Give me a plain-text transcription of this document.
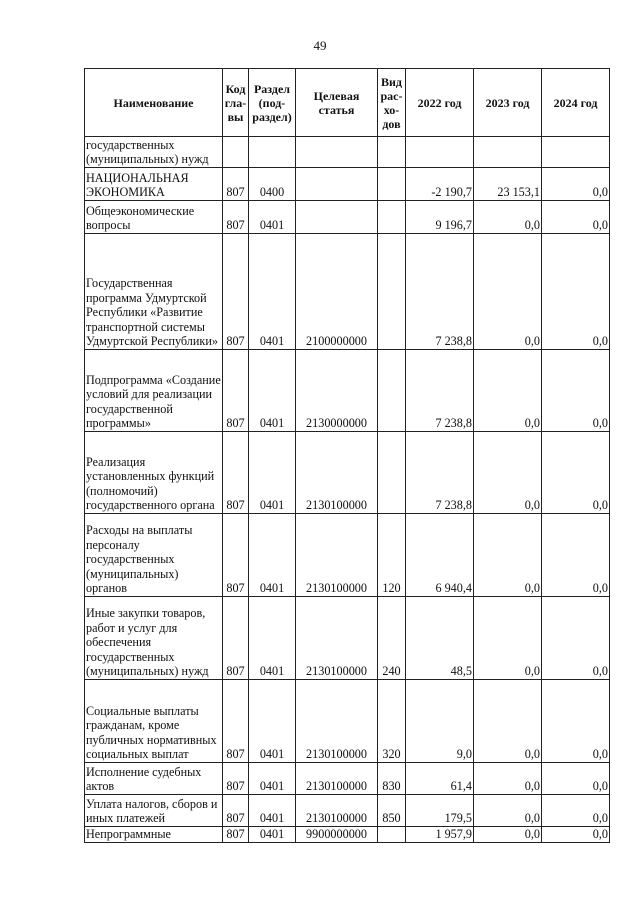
49
Наименование	Код гла-вы	Раздел (под-раздел)	Целевая статья	Вид рас-хо-дов	2022 год	2023 год	2024 год
государственных (муниципальных) нужд							
НАЦИОНАЛЬНАЯ ЭКОНОМИКА	807	0400			-2 190,7	23 153,1	0,0
Общеэкономические вопросы	807	0401			9 196,7	0,0	0,0
Государственная программа Удмуртской Республики «Развитие транспортной системы Удмуртской Республики»	807	0401	2100000000		7 238,8	0,0	0,0
Подпрограмма «Создание условий для реализации государственной программы»	807	0401	2130000000		7 238,8	0,0	0,0
Реализация установленных функций (полномочий) государственного органа	807	0401	2130100000		7 238,8	0,0	0,0
Расходы на выплаты персоналу государственных (муниципальных) органов	807	0401	2130100000	120	6 940,4	0,0	0,0
Иные закупки товаров, работ и услуг для обеспечения государственных (муниципальных) нужд	807	0401	2130100000	240	48,5	0,0	0,0
Социальные выплаты гражданам, кроме публичных нормативных социальных выплат	807	0401	2130100000	320	9,0	0,0	0,0
Исполнение судебных актов	807	0401	2130100000	830	61,4	0,0	0,0
Уплата налогов, сборов и иных платежей	807	0401	2130100000	850	179,5	0,0	0,0
Непрограммные	807	0401	9900000000		1 957,9	0,0	0,0
